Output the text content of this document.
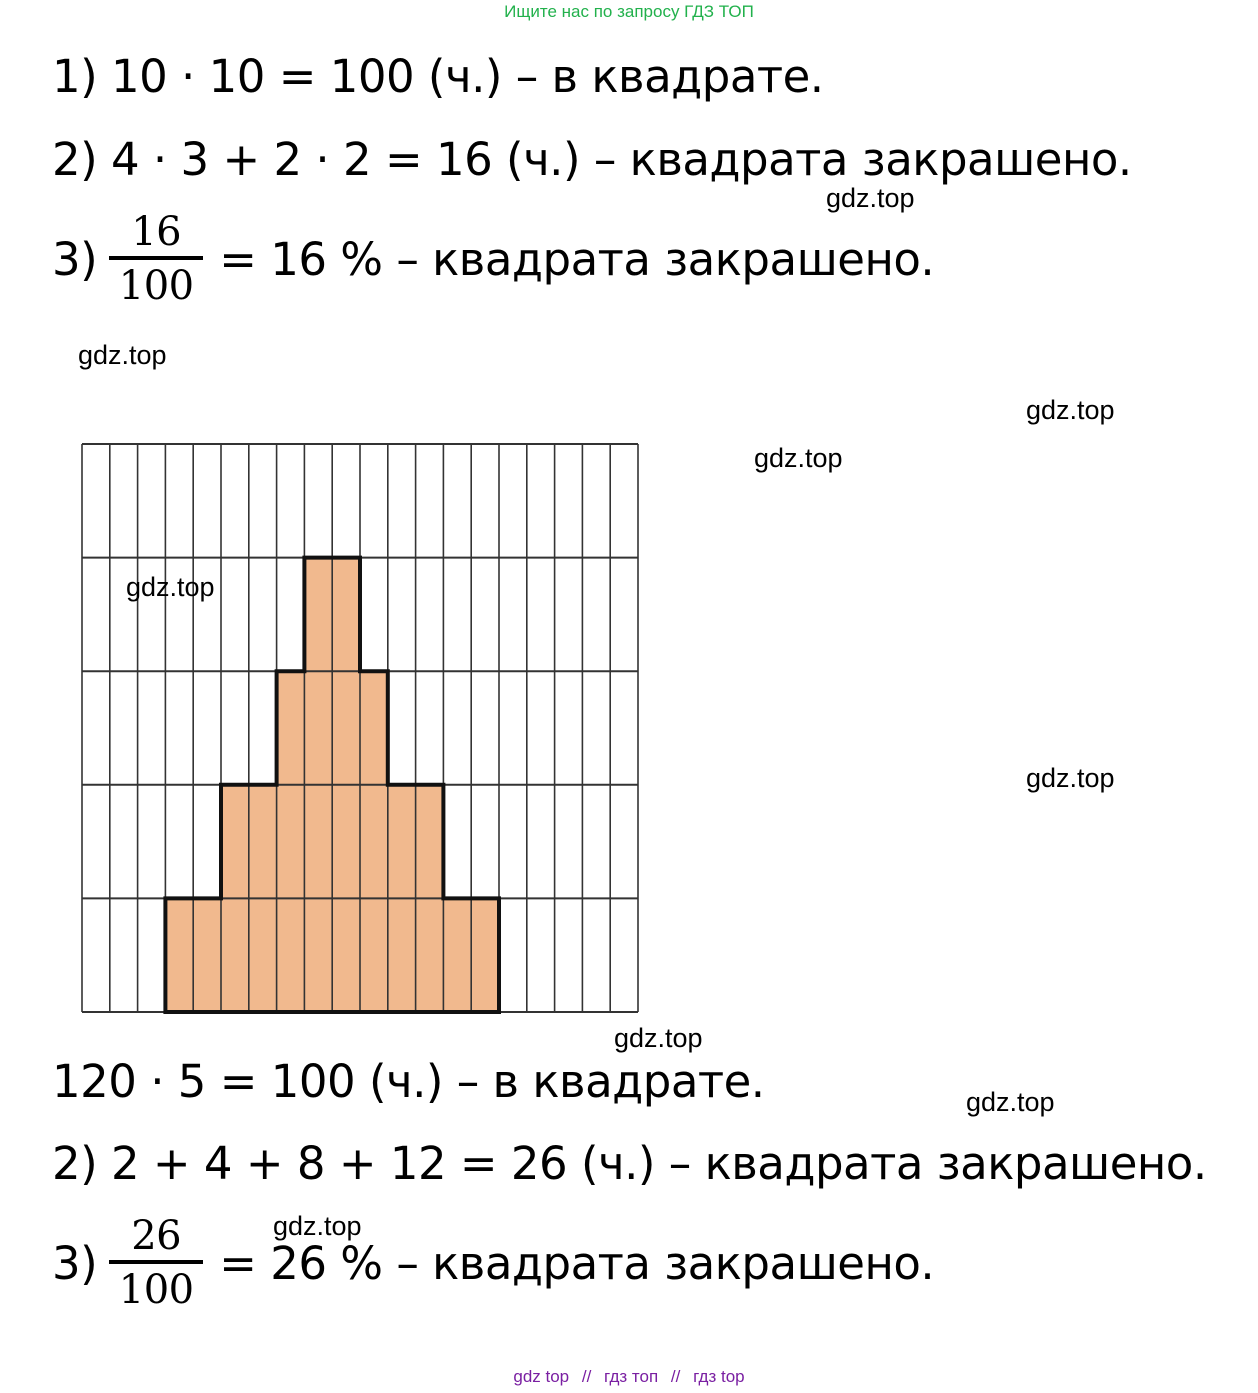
Ищите нас по запросу ГДЗ ТОП
1) 10 · 10 = 100 (ч.) – в квадрате.
2) 4 · 3 + 2 · 2 = 16 (ч.) – квадрата закрашено.
gdz.top
$3) \frac{16}{100} = 16$ % – квадрата закрашено.
gdz.top
gdz.top
gdz.top
gdz.top
gdz.top
gdz.top
120 · 5 = 100 (ч.) – в квадрате.	gdz.top
2) 2 + 4 + 8 + 12 = 26 (ч.) – квадрата закрашено.
gdz.top
$3) \frac{26}{100} = 26$ % – квадрата закрашено.
gdz top // гдз топ // гдз top
